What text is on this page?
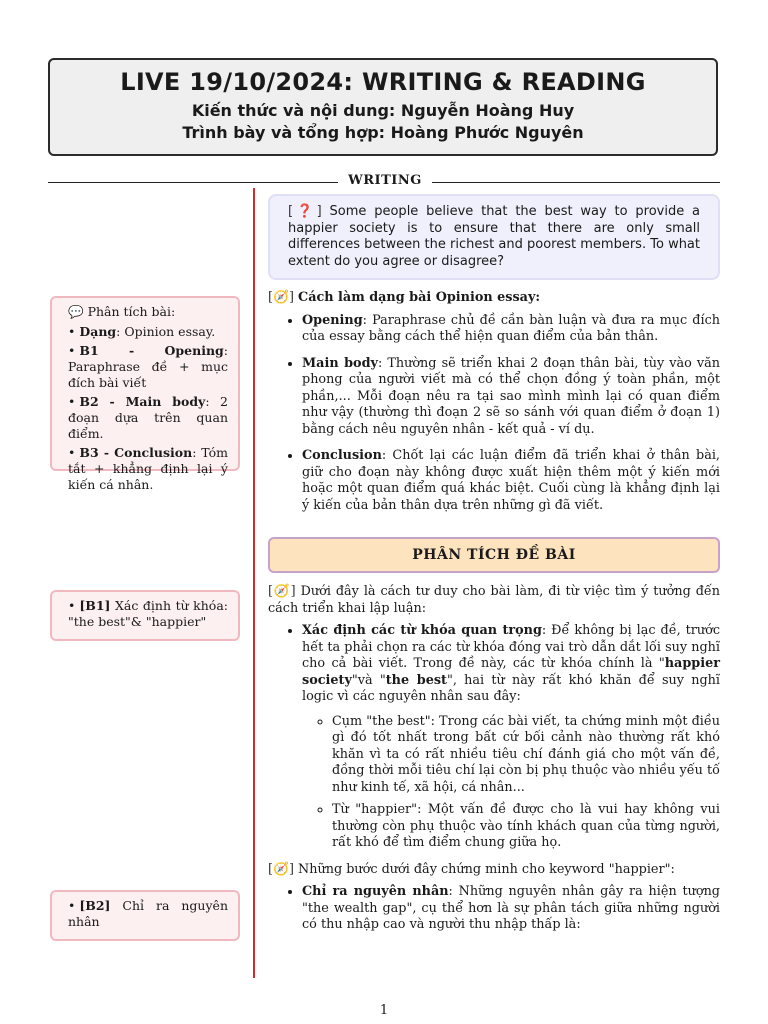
LIVE 19/10/2024: WRITING & READING
Kiến thức và nội dung: Nguyễn Hoàng Huy
Trình bày và tổng hợp: Hoàng Phước Nguyên
WRITING
[❓] Some people believe that the best way to provide a happier society is to ensure that there are only small differences between the richest and poorest members. To what extent do you agree or disagree?
💬 Phân tích bài:
• Dạng: Opinion essay.
• B1 - Opening: Paraphrase đề + mục đích bài viết
• B2 - Main body: 2 đoạn dựa trên quan điểm.
• B3 - Conclusion: Tóm tắt + khẳng định lại ý kiến cá nhân.
• [B1] Xác định từ khóa: "the best"& "happier"
• [B2] Chỉ ra nguyên nhân
[🧭] Cách làm dạng bài Opinion essay:
• Opening: Paraphrase chủ đề cần bàn luận và đưa ra mục đích của essay bằng cách thể hiện quan điểm của bản thân.
• Main body: Thường sẽ triển khai 2 đoạn thân bài, tùy vào văn phong của người viết mà có thể chọn đồng ý toàn phần, một phần,... Mỗi đoạn nêu ra tại sao mình mình lại có quan điểm như vậy (thường thì đoạn 2 sẽ so sánh với quan điểm ở đoạn 1) bằng cách nêu nguyên nhân - kết quả - ví dụ.
• Conclusion: Chốt lại các luận điểm đã triển khai ở thân bài, giữ cho đoạn này không được xuất hiện thêm một ý kiến mới hoặc một quan điểm quá khác biệt. Cuối cùng là khẳng định lại ý kiến của bản thân dựa trên những gì đã viết.
PHÂN TÍCH ĐỀ BÀI
[🧭] Dưới đây là cách tư duy cho bài làm, đi từ việc tìm ý tưởng đến cách triển khai lập luận:
• Xác định các từ khóa quan trọng: Để không bị lạc đề, trước hết ta phải chọn ra các từ khóa đóng vai trò dẫn dắt lối suy nghĩ cho cả bài viết. Trong đề này, các từ khóa chính là "happier society"và "the best", hai từ này rất khó khăn để suy nghĩ logic vì các nguyên nhân sau đây:
◦ Cụm "the best": Trong các bài viết, ta chứng minh một điều gì đó tốt nhất trong bất cứ bối cảnh nào thường rất khó khăn vì ta có rất nhiều tiêu chí đánh giá cho một vấn đề, đồng thời mỗi tiêu chí lại còn bị phụ thuộc vào nhiều yếu tố như kinh tế, xã hội, cá nhân...
◦ Từ "happier": Một vấn đề được cho là vui hay không vui thường còn phụ thuộc vào tính khách quan của từng người, rất khó để tìm điểm chung giữa họ.
[🧭] Những bước dưới đây chứng minh cho keyword "happier":
• Chỉ ra nguyên nhân: Những nguyên nhân gây ra hiện tượng "the wealth gap", cụ thể hơn là sự phân tách giữa những người có thu nhập cao và người thu nhập thấp là:
1
